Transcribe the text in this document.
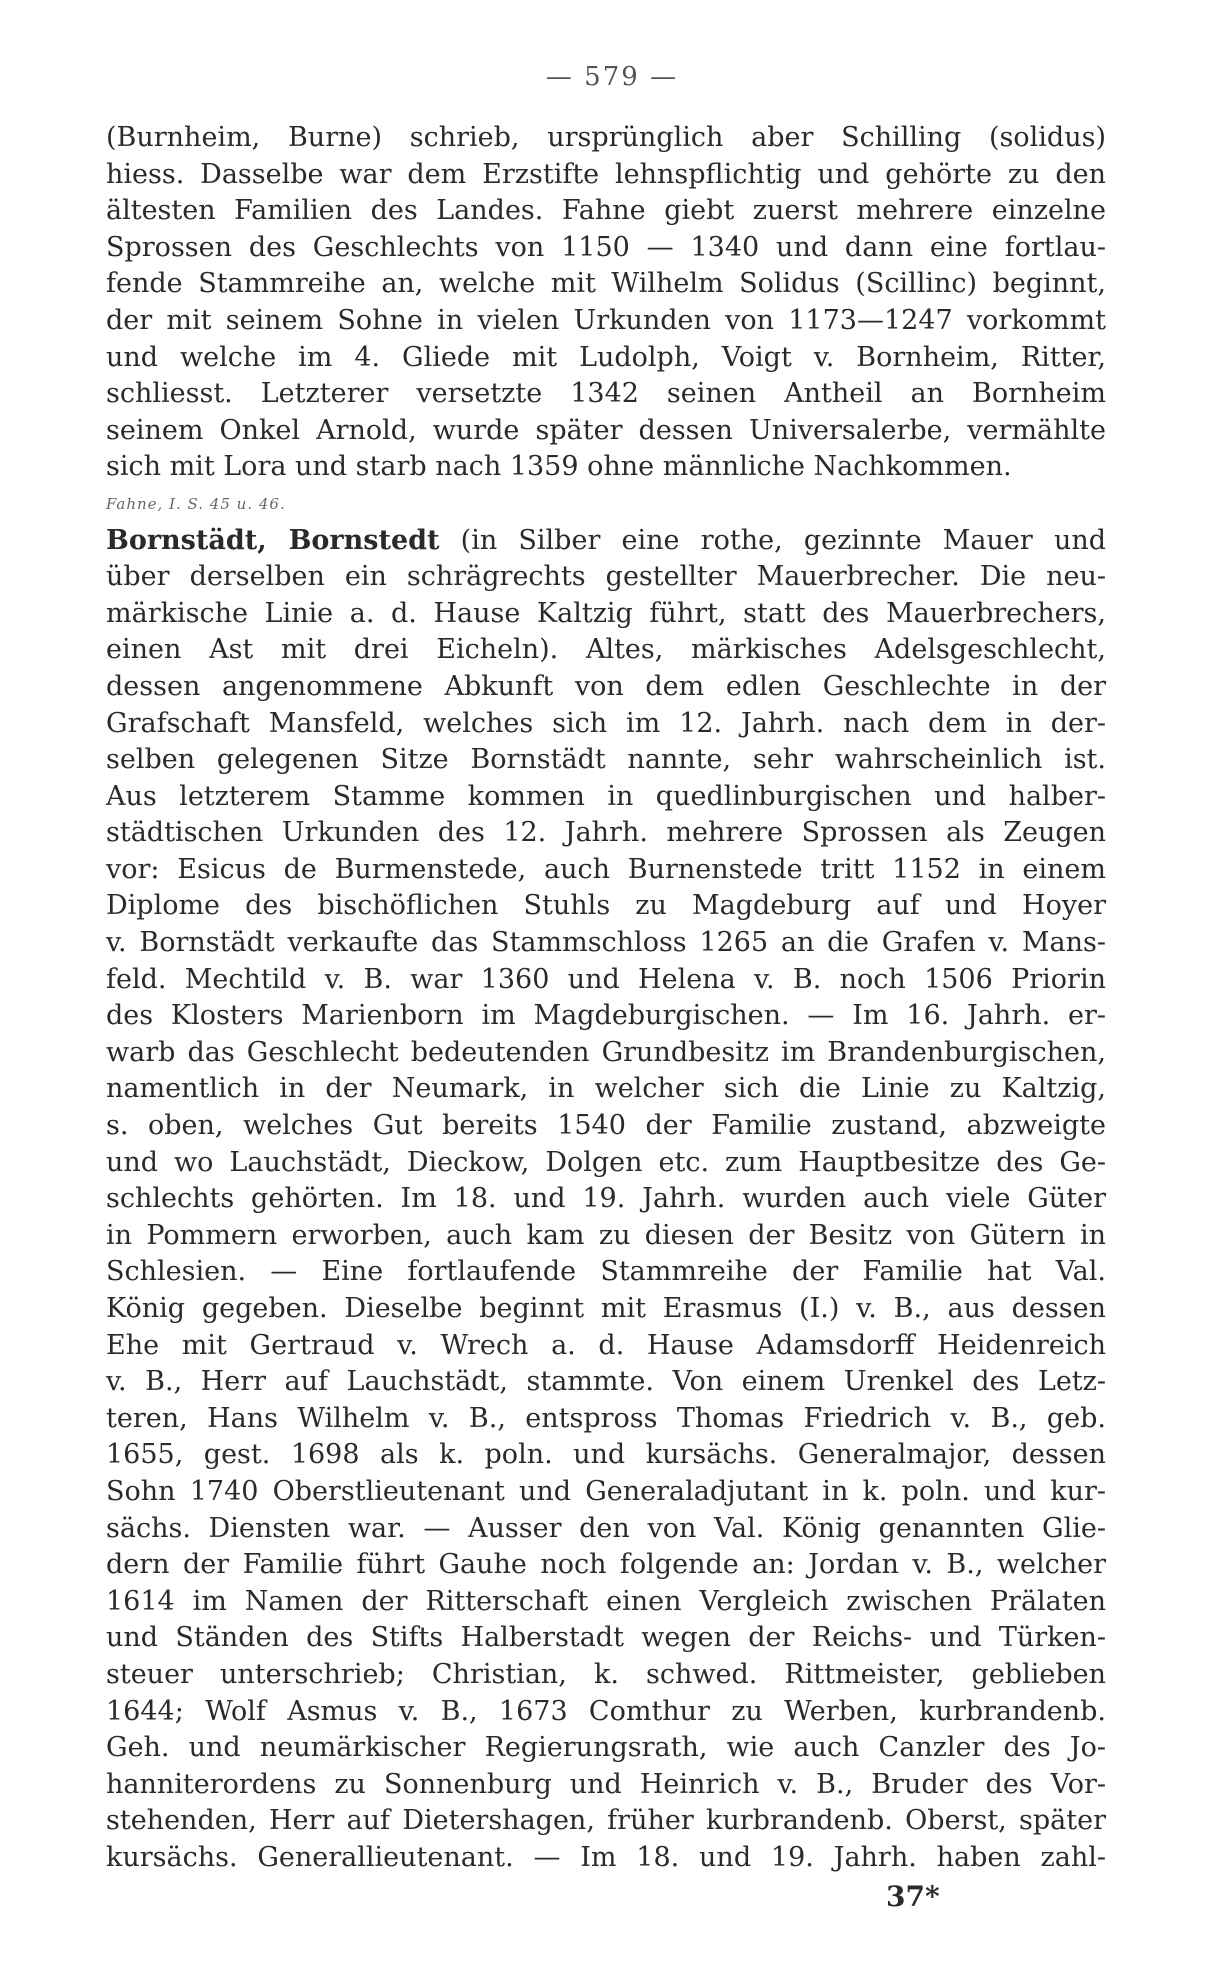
— 579 —
(Burnheim, Burne) schrieb, ursprünglich aber Schilling (solidus)
hiess. Dasselbe war dem Erzstifte lehnspflichtig und gehörte zu den
ältesten Familien des Landes. Fahne giebt zuerst mehrere einzelne
Sprossen des Geschlechts von 1150 — 1340 und dann eine fortlau-
fende Stammreihe an, welche mit Wilhelm Solidus (Scillinc) beginnt,
der mit seinem Sohne in vielen Urkunden von 1173—1247 vorkommt
und welche im 4. Gliede mit Ludolph, Voigt v. Bornheim, Ritter,
schliesst. Letzterer versetzte 1342 seinen Antheil an Bornheim
seinem Onkel Arnold, wurde später dessen Universalerbe, vermählte
sich mit Lora und starb nach 1359 ohne männliche Nachkommen.
Fahne, I. S. 45 u. 46.
Bornstädt, Bornstedt (in Silber eine rothe, gezinnte Mauer und
über derselben ein schrägrechts gestellter Mauerbrecher. Die neu-
märkische Linie a. d. Hause Kaltzig führt, statt des Mauerbrechers,
einen Ast mit drei Eicheln). Altes, märkisches Adelsgeschlecht,
dessen angenommene Abkunft von dem edlen Geschlechte in der
Grafschaft Mansfeld, welches sich im 12. Jahrh. nach dem in der-
selben gelegenen Sitze Bornstädt nannte, sehr wahrscheinlich ist.
Aus letzterem Stamme kommen in quedlinburgischen und halber-
städtischen Urkunden des 12. Jahrh. mehrere Sprossen als Zeugen
vor: Esicus de Burmenstede, auch Burnenstede tritt 1152 in einem
Diplome des bischöflichen Stuhls zu Magdeburg auf und Hoyer
v. Bornstädt verkaufte das Stammschloss 1265 an die Grafen v. Mans-
feld. Mechtild v. B. war 1360 und Helena v. B. noch 1506 Priorin
des Klosters Marienborn im Magdeburgischen. — Im 16. Jahrh. er-
warb das Geschlecht bedeutenden Grundbesitz im Brandenburgischen,
namentlich in der Neumark, in welcher sich die Linie zu Kaltzig,
s. oben, welches Gut bereits 1540 der Familie zustand, abzweigte
und wo Lauchstädt, Dieckow, Dolgen etc. zum Hauptbesitze des Ge-
schlechts gehörten. Im 18. und 19. Jahrh. wurden auch viele Güter
in Pommern erworben, auch kam zu diesen der Besitz von Gütern in
Schlesien. — Eine fortlaufende Stammreihe der Familie hat Val.
König gegeben. Dieselbe beginnt mit Erasmus (I.) v. B., aus dessen
Ehe mit Gertraud v. Wrech a. d. Hause Adamsdorff Heidenreich
v. B., Herr auf Lauchstädt, stammte. Von einem Urenkel des Letz-
teren, Hans Wilhelm v. B., entspross Thomas Friedrich v. B., geb.
1655, gest. 1698 als k. poln. und kursächs. Generalmajor, dessen
Sohn 1740 Oberstlieutenant und Generaladjutant in k. poln. und kur-
sächs. Diensten war. — Ausser den von Val. König genannten Glie-
dern der Familie führt Gauhe noch folgende an: Jordan v. B., welcher
1614 im Namen der Ritterschaft einen Vergleich zwischen Prälaten
und Ständen des Stifts Halberstadt wegen der Reichs- und Türken-
steuer unterschrieb; Christian, k. schwed. Rittmeister, geblieben
1644; Wolf Asmus v. B., 1673 Comthur zu Werben, kurbrandenb.
Geh. und neumärkischer Regierungsrath, wie auch Canzler des Jo-
hanniterordens zu Sonnenburg und Heinrich v. B., Bruder des Vor-
stehenden, Herr auf Dietershagen, früher kurbrandenb. Oberst, später
kursächs. Generallieutenant. — Im 18. und 19. Jahrh. haben zahl-
37*
